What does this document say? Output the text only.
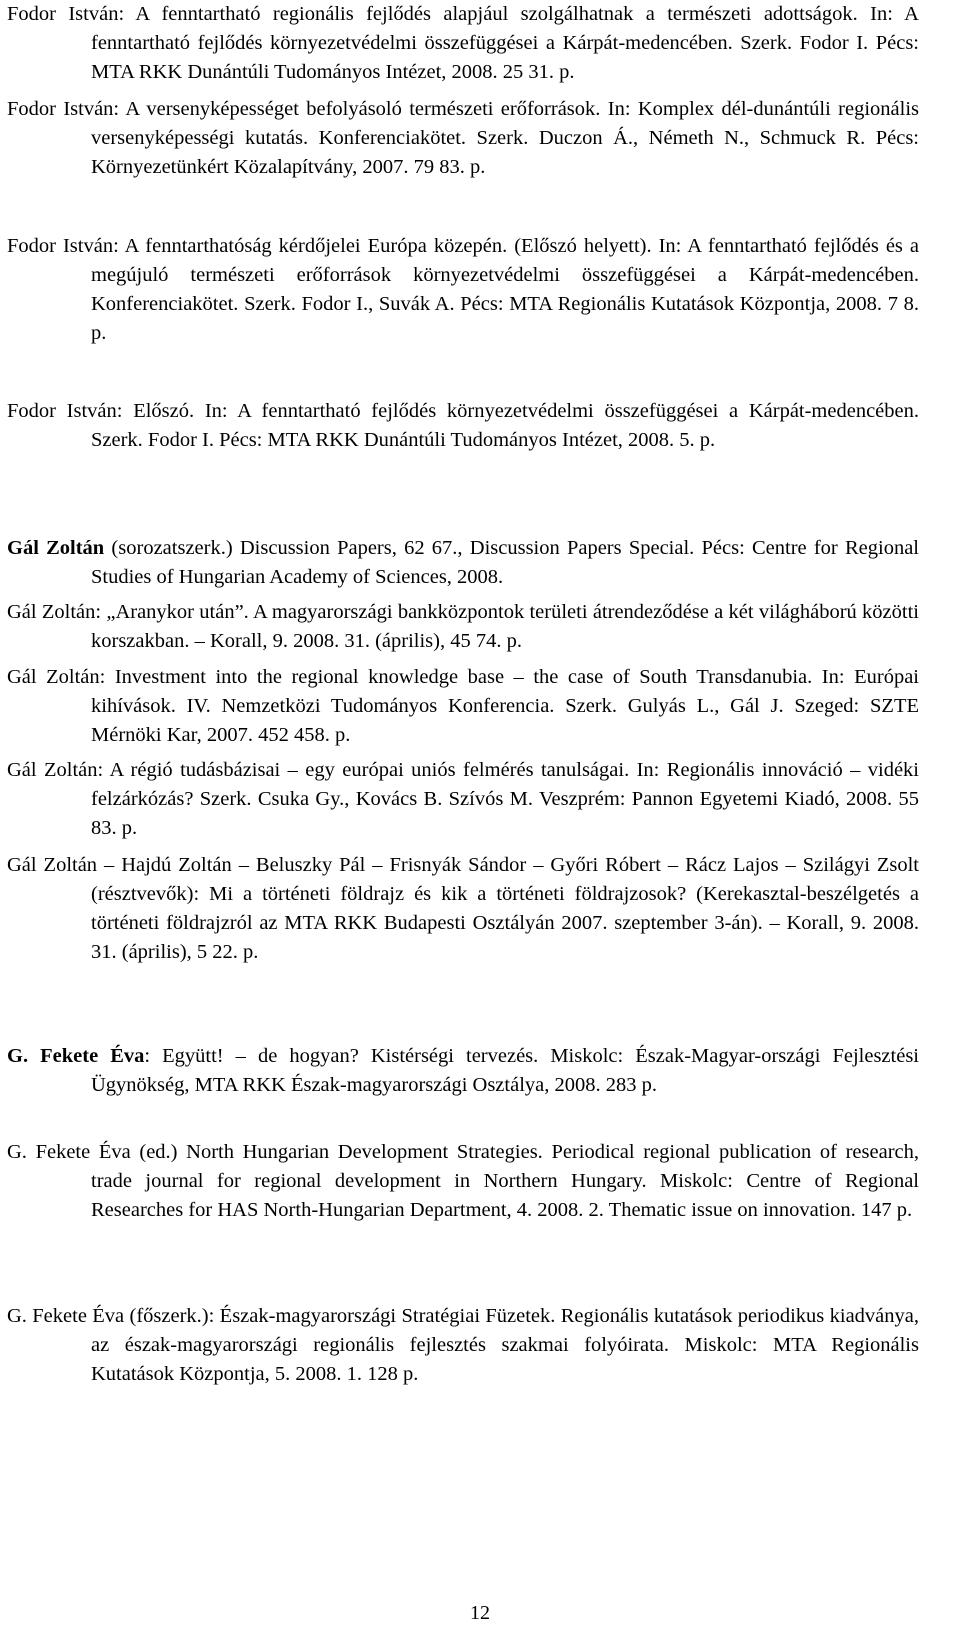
Fodor István: A fenntartható regionális fejlődés alapjául szolgálhatnak a természeti adottságok. In: A fenntartható fejlődés környezetvédelmi összefüggései a Kárpát-medencében. Szerk. Fodor I. Pécs: MTA RKK Dunántúli Tudományos Intézet, 2008. 25 31. p.
Fodor István: A versenyképességet befolyásoló természeti erőforrások. In: Komplex dél-dunántúli regionális versenyképességi kutatás. Konferenciakötet. Szerk. Duczon Á., Németh N., Schmuck R. Pécs: Környezetünkért Közalapítvány, 2007. 79 83. p.
Fodor István: A fenntarthatóság kérdőjelei Európa közepén. (Előszó helyett). In: A fenntartható fejlődés és a megújuló természeti erőforrások környezetvédelmi összefüggései a Kárpát-medencében. Konferenciakötet. Szerk. Fodor I., Suvák A. Pécs: MTA Regionális Kutatások Központja, 2008. 7 8. p.
Fodor István: Előszó. In: A fenntartható fejlődés környezetvédelmi összefüggései a Kárpát-medencében. Szerk. Fodor I. Pécs: MTA RKK Dunántúli Tudományos Intézet, 2008. 5. p.
Gál Zoltán (sorozatszerk.) Discussion Papers, 62 67., Discussion Papers Special. Pécs: Centre for Regional Studies of Hungarian Academy of Sciences, 2008.
Gál Zoltán: „Aranykor után”. A magyarországi bankközpontok területi átrendeződése a két világháború közötti korszakban. – Korall, 9. 2008. 31. (április), 45 74. p.
Gál Zoltán: Investment into the regional knowledge base – the case of South Transdanubia. In: Európai kihívások. IV. Nemzetközi Tudományos Konferencia. Szerk. Gulyás L., Gál J. Szeged: SZTE Mérnöki Kar, 2007. 452 458. p.
Gál Zoltán: A régió tudásbázisai – egy európai uniós felmérés tanulságai. In: Regionális innováció – vidéki felzárkózás? Szerk. Csuka Gy., Kovács B. Szívós M. Veszprém: Pannon Egyetemi Kiadó, 2008. 55 83. p.
Gál Zoltán – Hajdú Zoltán – Beluszky Pál – Frisnyák Sándor – Győri Róbert – Rácz Lajos – Szilágyi Zsolt (résztvevők): Mi a történeti földrajz és kik a történeti földrajzosok? (Kerekasztal-beszélgetés a történeti földrajzról az MTA RKK Budapesti Osztályán 2007. szeptember 3-án). – Korall, 9. 2008. 31. (április), 5 22. p.
G. Fekete Éva: Együtt! – de hogyan? Kistérségi tervezés. Miskolc: Észak-Magyar-országi Fejlesztési Ügynökség, MTA RKK Észak-magyarországi Osztálya, 2008. 283 p.
G. Fekete Éva (ed.) North Hungarian Development Strategies. Periodical regional publication of research, trade journal for regional development in Northern Hungary. Miskolc: Centre of Regional Researches for HAS North-Hungarian Department, 4. 2008. 2. Thematic issue on innovation. 147 p.
G. Fekete Éva (főszerk.): Észak-magyarországi Stratégiai Füzetek. Regionális kutatások periodikus kiadványa, az észak-magyarországi regionális fejlesztés szakmai folyóirata. Miskolc: MTA Regionális Kutatások Központja, 5. 2008. 1. 128 p.
12
